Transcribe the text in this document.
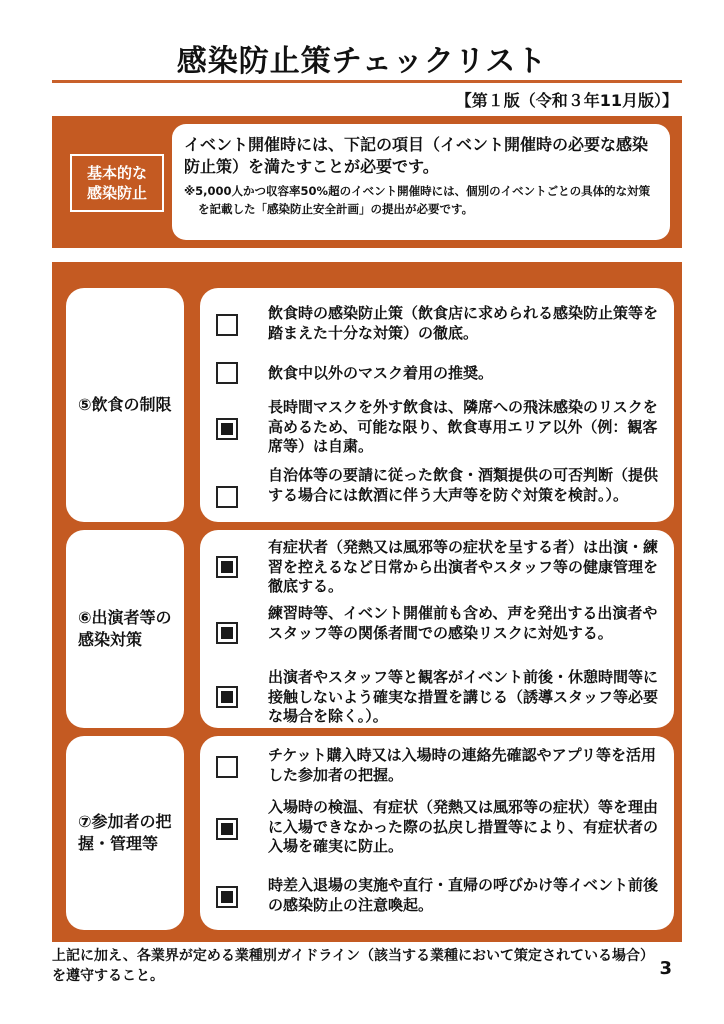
感染防止策チェックリスト
【第１版（令和３年11月版）】
基本的な
感染防止
イベント開催時には、下記の項目（イベント開催時の必要な感染防止策）を満たすことが必要です。
※5,000人かつ収容率50%超のイベント開催時には、個別のイベントごとの具体的な対策を記載した「感染防止安全計画」の提出が必要です。
⑤飲食の制限
飲食時の感染防止策（飲食店に求められる感染防止策等を踏まえた十分な対策）の徹底。
飲食中以外のマスク着用の推奨。
長時間マスクを外す飲食は、隣席への飛沫感染のリスクを高めるため、可能な限り、飲食専用エリア以外（例：観客席等）は自粛。
自治体等の要請に従った飲食・酒類提供の可否判断（提供する場合には飲酒に伴う大声等を防ぐ対策を検討。）。
⑥出演者等の感染対策
有症状者（発熱又は風邪等の症状を呈する者）は出演・練習を控えるなど日常から出演者やスタッフ等の健康管理を徹底する。
練習時等、イベント開催前も含め、声を発出する出演者やスタッフ等の関係者間での感染リスクに対処する。
出演者やスタッフ等と観客がイベント前後・休憩時間等に接触しないよう確実な措置を講じる（誘導スタッフ等必要な場合を除く。）。
⑦参加者の把握・管理等
チケット購入時又は入場時の連絡先確認やアプリ等を活用した参加者の把握。
入場時の検温、有症状（発熱又は風邪等の症状）等を理由に入場できなかった際の払戻し措置等により、有症状者の入場を確実に防止。
時差入退場の実施や直行・直帰の呼びかけ等イベント前後の感染防止の注意喚起。
上記に加え、各業界が定める業種別ガイドライン（該当する業種において策定されている場合）を遵守すること。	3
